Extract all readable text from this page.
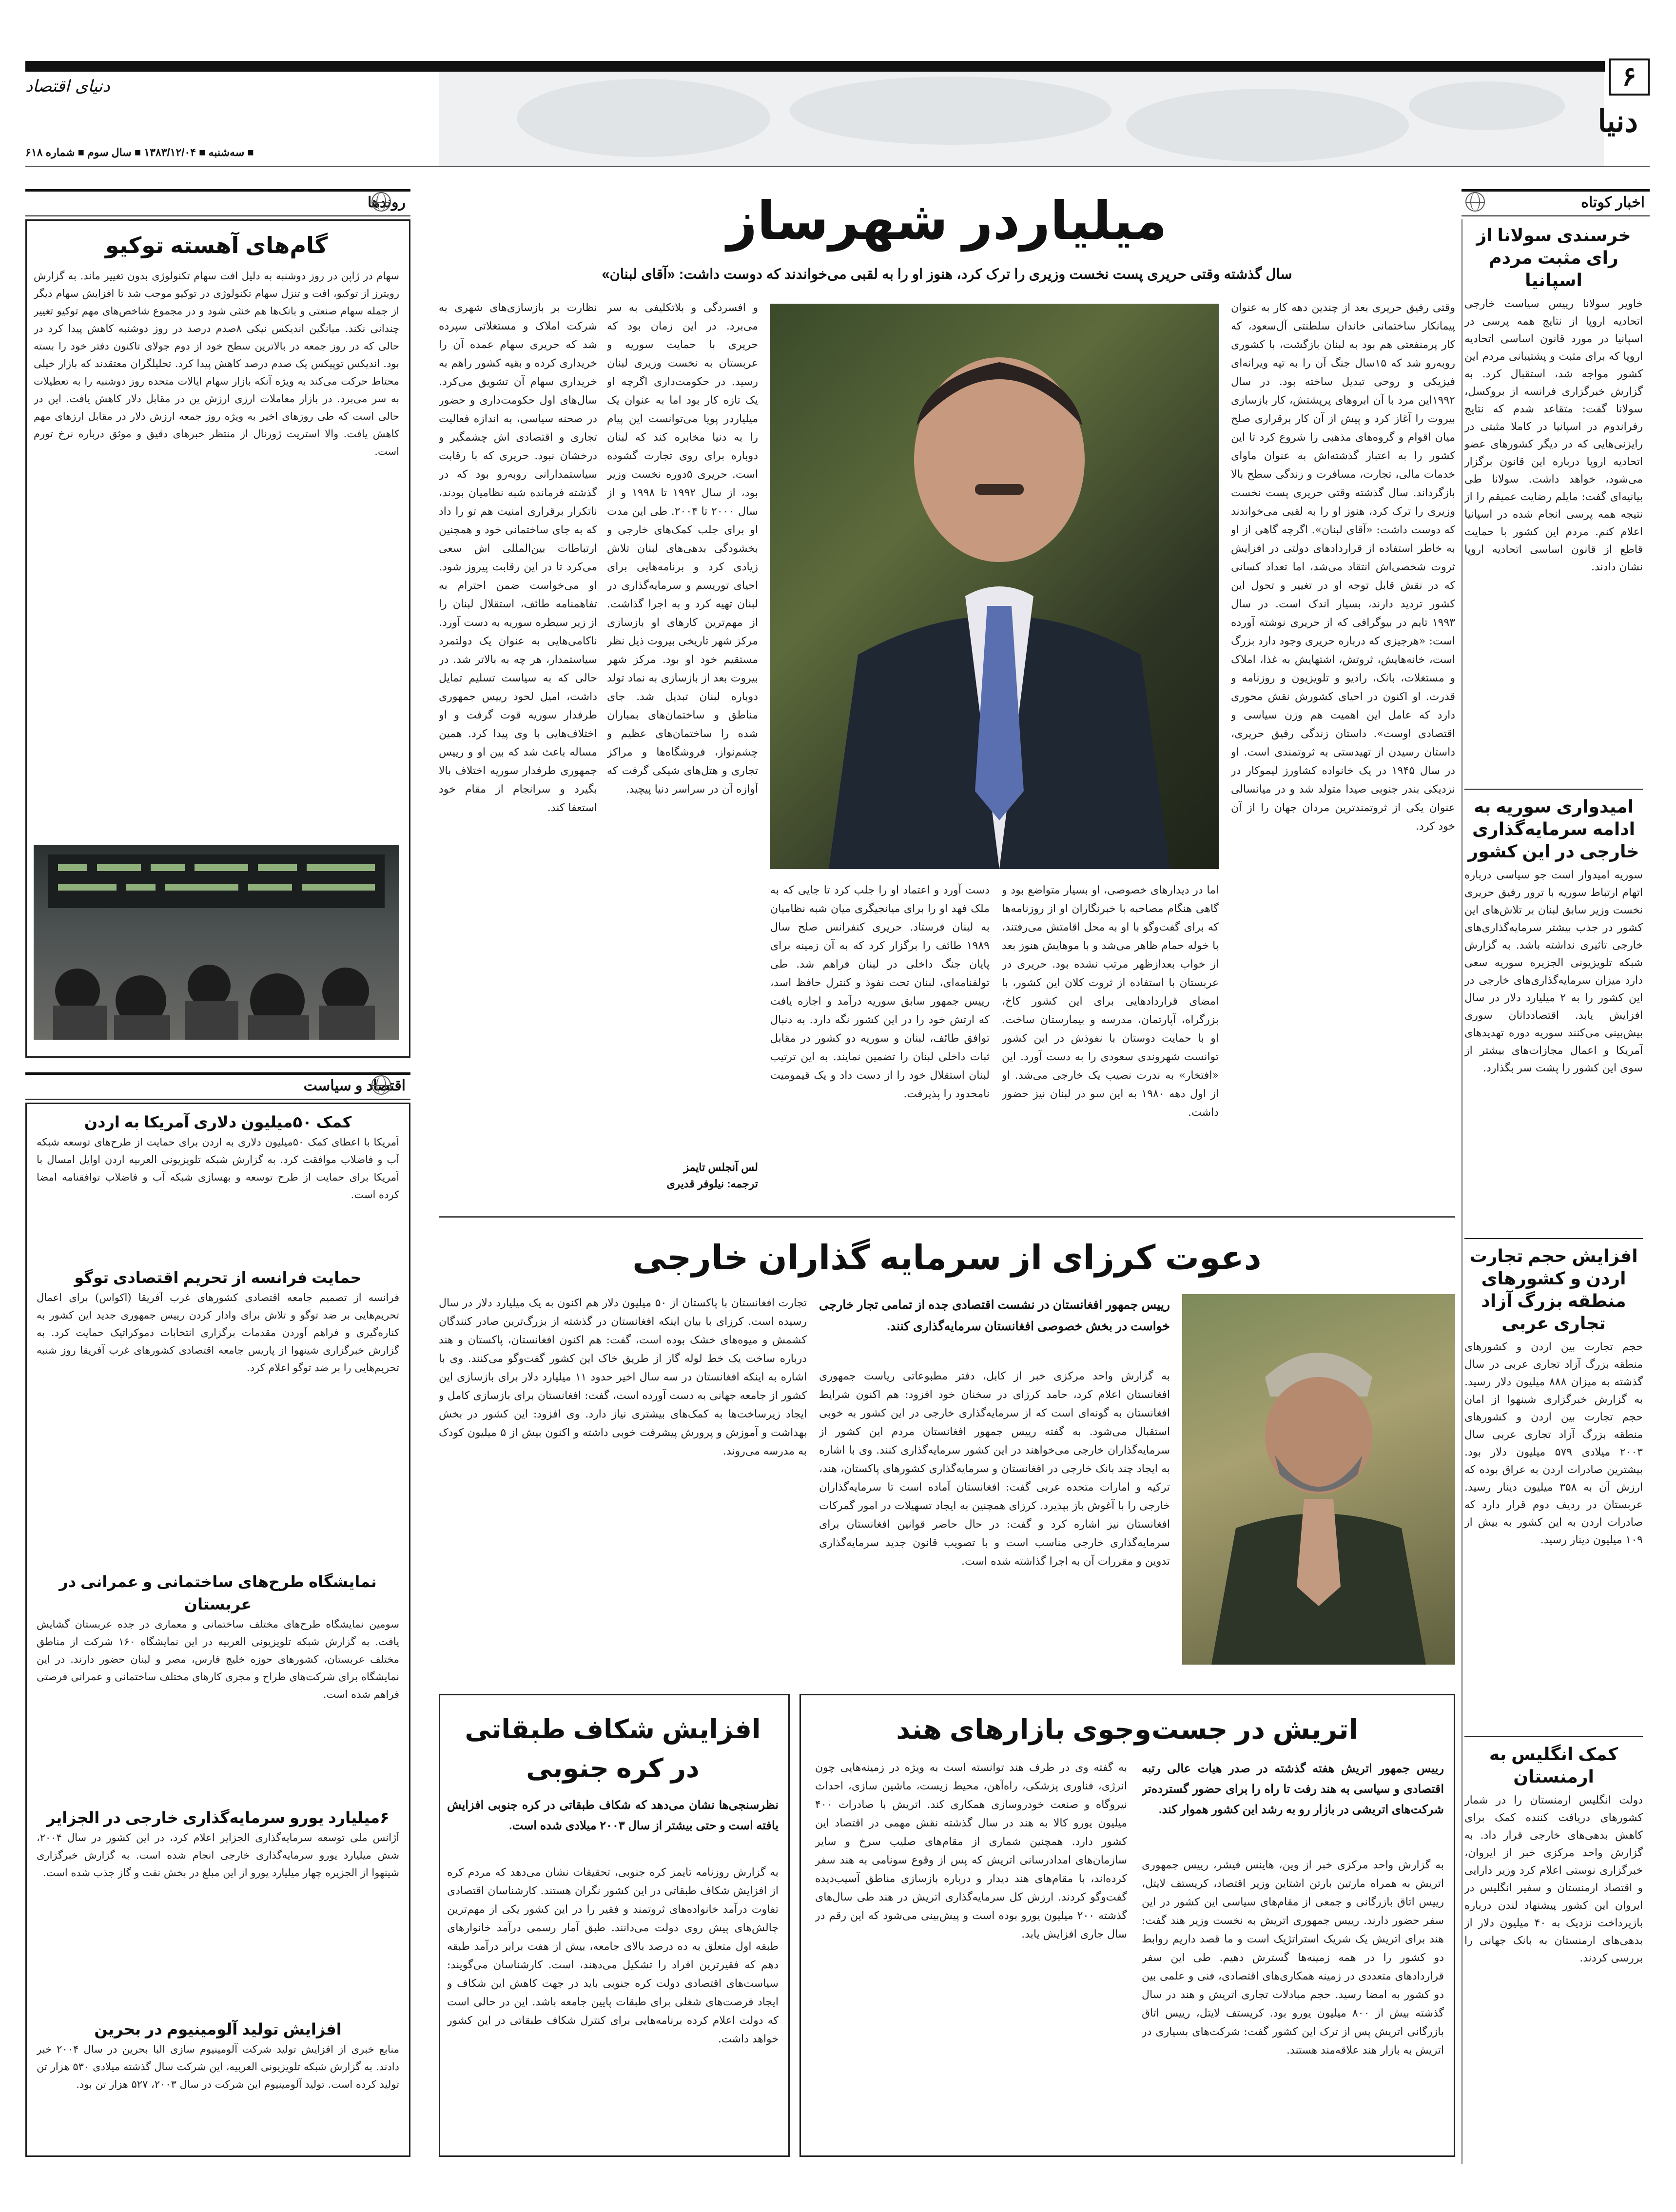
۶
دنیای اقتصاد
دنیا
■ سه‌شنبه ■ ۱۳۸۳/۱۲/۰۴ ■ سال سوم ■ شماره ۶۱۸
اخبار کوتاه
خرسندی سولانا از رای مثبت مردم اسپانیا

خاویر سولانا رییس سیاست خارجی اتحادیه اروپا از نتایج همه پرسی در اسپانیا در مورد قانون اساسی اتحادیه اروپا که برای مثبت و پشتیبانی مردم این کشور مواجه شد، استقبال کرد. به گزارش خبرگزاری فرانسه از بروکسل، سولانا گفت: متقاعد شدم که نتایج رفراندوم در اسپانیا در کاملا مثبتی در رایزنی‌هایی که در دیگر کشورهای عضو اتحادیه اروپا درباره این قانون برگزار می‌شود، خواهد داشت. سولانا طی بیانیه‌ای گفت: مایلم رضایت عمیقم را از نتیجه همه پرسی انجام شده در اسپانیا اعلام کنم. مردم این کشور با حمایت قاطع از قانون اساسی اتحادیه اروپا نشان دادند.

امیدواری سوریه به ادامه سرمایه‌گذاری خارجی در این کشور

سوریه امیدوار است جو سیاسی درباره اتهام ارتباط سوریه با ترور رفیق حریری نخست وزیر سابق لبنان بر تلاش‌های این کشور در جذب بیشتر سرمایه‌گذاری‌های خارجی تاثیری نداشته باشد. به گزارش شبکه تلویزیونی الجزیره سوریه سعی دارد میزان سرمایه‌گذاری‌های خارجی در این کشور را به ۲ میلیارد دلار در سال افزایش یابد. اقتصاددانان سوری بیش‌بینی می‌کنند سوریه دوره تهدیدهای آمریکا و اعمال مجازات‌های بیشتر از سوی این کشور را پشت سر بگذارد.

افزایش حجم تجارت اردن و کشورهای منطقه بزرگ آزاد تجاری عربی

حجم تجارت بین اردن و کشورهای منطقه بزرگ آزاد تجاری عربی در سال گذشته به میزان ۸۸۸ میلیون دلار رسید. به گزارش خبرگزاری شینهوا از امان حجم تجارت بین اردن و کشورهای منطقه بزرگ آزاد تجاری عربی سال ۲۰۰۳ میلادی ۵۷۹ میلیون دلار بود. بیشترین صادرات اردن به عراق بوده که ارزش آن به ۳۵۸ میلیون دینار رسید. عربستان در ردیف دوم قرار دارد که صادرات اردن به این کشور به بیش از ۱۰۹ میلیون دینار رسید.

کمک انگلیس به ارمنستان

دولت انگلیس ارمنستان را در شمار کشورهای دریافت کننده کمک برای کاهش بدهی‌های خارجی قرار داد. به گزارش واحد مرکزی خبر از ایروان، خبرگزاری نوستی اعلام کرد وزیر دارایی و اقتصاد ارمنستان و سفیر انگلیس در ایروان این کشور پیشنهاد لندن درباره بازپرداخت نزدیک به ۴۰ میلیون دلار از بدهی‌های ارمنستان به بانک جهانی را بررسی کردند.

میلیاردر شهرساز
سال گذشته وقتی حریری پست نخست وزیری را ترک کرد، هنوز او را به لقبی می‌خواندند که دوست داشت: «آقای لبنان»

وقتی رفیق حریری بعد از چندین دهه کار به عنوان پیمانکار ساختمانی خاندان سلطنتی آل‌سعود، که کار پرمنفعتی هم بود به لبنان بازگشت، با کشوری روبه‌رو شد که ۱۵سال جنگ آن را به تپه ویرانه‌ای فیزیکی و روحی تبدیل ساخته بود. در سال ۱۹۹۲این مرد با آن ابروهای پرپشتش، کار بازسازی بیروت را آغاز کرد و پیش از آن کار برقراری صلح میان اقوام و گروه‌های مذهبی را شروع کرد تا این کشور را به اعتبار گذشته‌اش به عنوان ماوای خدمات مالی، تجارت، مسافرت و زندگی سطح بالا بازگرداند. سال گذشته وقتی حریری پست نخست وزیری را ترک کرد، هنوز او را به لقبی می‌خواندند که دوست داشت: «آقای لبنان». اگرچه گاهی از او به خاطر استفاده از قراردادهای دولتی در افزایش ثروت شخصی‌اش انتقاد می‌شد، اما تعداد کسانی که در نقش قابل توجه او در تغییر و تحول این کشور تردید دارند، بسیار اندک است. در سال ۱۹۹۳ تایم در بیوگرافی که از حریری نوشته آورده است: «هرجیزی که درباره حریری وجود دارد بزرگ است، خانه‌هایش، ثروتش، اشتهایش به غذا، املاک و مستغلات، بانک، رادیو و تلویزیون و روزنامه و قدرت. او اکنون در احیای کشورش نقش محوری دارد که عامل این اهمیت هم وزن سیاسی و اقتصادی اوست». داستان زندگی رفیق حریری، داستان رسیدن از تهیدستی به ثروتمندی است. او در سال ۱۹۴۵ در یک خانواده کشاورز لیموکار در نزدیکی بندر جنوبی صیدا متولد شد و در میانسالی عنوان یکی از ثروتمندترین مردان جهان را از آن خود کرد.

اما در دیدارهای خصوصی، او بسیار متواضع بود و گاهی هنگام مصاحبه با خبرنگاران او از روزنامه‌ها که برای گفت‌وگو با او به محل اقامتش می‌رفتند، با خوله حمام ظاهر می‌شد و با موهایش هنوز بعد از خواب بعدازظهر مرتب نشده بود. حریری در عربستان با استفاده از ثروت کلان این کشور، با امضای قراردادهایی برای این کشور کاخ، بزرگراه، آپارتمان، مدرسه و بیمارستان ساخت. او با حمایت دوستان با نفوذش در این کشور توانست شهروندی سعودی را به دست آورد. این «افتخار» به ندرت نصیب یک خارجی می‌شد. او از اول دهه ۱۹۸۰ به این سو در لبنان نیز حضور داشت.

دست آورد و اعتماد او را جلب کرد تا جایی که به ملک فهد او را برای میانجیگری میان شبه نظامیان به لبنان فرستاد. حریری کنفرانس صلح سال ۱۹۸۹ طائف را برگزار کرد که به آن زمینه برای پایان جنگ داخلی در لبنان فراهم شد. طی تولفنامه‌ای، لبنان تحت نفوذ و کنترل حافظ اسد، رییس جمهور سابق سوریه درآمد و اجازه یافت که ارتش خود را در این کشور نگه دارد. به دنبال توافق طائف، لبنان و سوریه دو کشور در مقابل ثبات داخلی لبنان را تضمین نمایند. به این ترتیب لبنان استقلال خود را از دست داد و یک قیمومیت نامحدود را پذیرفت.

و افسردگی و بلاتکلیفی به سر می‌برد. در این زمان بود که حریری با حمایت سوریه و عربستان به نخست وزیری لبنان رسید. در حکومت‌داری اگرچه او یک تازه کار بود اما به عنوان یک میلیاردر پویا می‌توانست این پیام را به دنیا مخابره کند که لبنان دوباره برای روی تجارت گشوده است. حریری ۵دوره نخست وزیر بود، از سال ۱۹۹۲ تا ۱۹۹۸ و از سال ۲۰۰۰ تا ۲۰۰۴. طی این مدت او برای جلب کمک‌های خارجی و بخشودگی بدهی‌های لبنان تلاش زیادی کرد و برنامه‌هایی برای احیای توریسم و سرمایه‌گذاری در لبنان تهیه کرد و به اجرا گذاشت. از مهم‌ترین کارهای او بازسازی مرکز شهر تاریخی بیروت ذیل نظر مستقیم خود او بود. مرکز شهر بیروت بعد از بازسازی به نماد تولد دوباره لبنان تبدیل شد. جای مناطق و ساختمان‌های بمباران شده را ساختمان‌های عظیم و چشم‌نواز، فروشگاه‌ها و مراکز تجاری و هتل‌های شیکی گرفت که آوازه آن در سراسر دنیا پیچید.

نظارت بر بازسازی‌های شهری به شرکت املاک و مستغلاتی سپرده شد که حریری سهام عمده آن را خریداری کرده و بقیه کشور راهم به خریداری سهام آن تشویق می‌کرد. سال‌های اول حکومت‌داری و حضور در صحنه سیاسی، به اندازه فعالیت تجاری و اقتصادی اش چشمگیر و درخشان نبود. حریری که با رقابت سیاستمدارانی روبه‌رو بود که در گذشته فرمانده شبه نظامیان بودند، ناتکرار برقراری امنیت هم تو را داد که به جای ساختمانی خود و همچنین ارتباطات بین‌المللی اش سعی می‌کرد تا در این رقابت پیروز شود. او می‌خواست ضمن احترام به تفاهمنامه طائف، استقلال لبنان را از زیر سیطره سوریه به دست آورد. ناکامی‌هایی به عنوان یک دولتمرد سیاستمدار، هر چه به بالاتر شد. در حالی که به سیاست تسلیم تمایل داشت، امیل لحود رییس جمهوری طرفدار سوریه قوت گرفت و او اختلاف‌هایی با وی پیدا کرد. همین مساله باعث شد که بین او و رییس جمهوری طرفدار سوریه اختلاف بالا بگیرد و سرانجام از مقام خود استعفا کند.

لس آنجلس تایمز
ترجمه: نیلوفر قدیری
دعوت کرزای از سرمایه گذاران خارجی
رییس جمهور افغانستان در نشست اقتصادی جده از تمامی تجار خارجی خواست در بخش خصوصی افغانستان سرمایه‌گذاری کنند.

به گزارش واحد مرکزی خبر از کابل، دفتر مطبوعاتی ریاست جمهوری افغانستان اعلام کرد، حامد کرزای در سخنان خود افزود: هم اکنون شرایط افغانستان به گونه‌ای است که از سرمایه‌گذاری خارجی در این کشور به خوبی استقبال می‌شود. به گفته رییس جمهور افغانستان مردم این کشور از سرمایه‌گذاران خارجی می‌خواهند در این کشور سرمایه‌گذاری کنند. وی با اشاره به ایجاد چند بانک خارجی در افغانستان و سرمایه‌گذاری کشورهای پاکستان، هند، ترکیه و امارات متحده عربی گفت: افغانستان آماده است تا سرمایه‌گذاران خارجی را با آغوش باز بپذیرد. کرزای همچنین به ایجاد تسهیلات در امور گمرکات افغانستان نیز اشاره کرد و گفت: در حال حاضر قوانین افغانستان برای سرمایه‌گذاری خارجی مناسب است و با تصویب قانون جدید سرمایه‌گذاری تدوین و مقررات آن به اجرا گذاشته شده است.

تجارت افغانستان با پاکستان از ۵۰ میلیون دلار هم اکنون به یک میلیارد دلار در سال رسیده است. کرزای با بیان اینکه افغانستان در گذشته از بزرگ‌ترین صادر کنندگان کشمش و میوه‌های خشک بوده است، گفت: هم اکنون افغانستان، پاکستان و هند درباره ساخت یک خط لوله گاز از طریق خاک این کشور گفت‌وگو می‌کنند. وی با اشاره به اینکه افغانستان در سه سال اخیر حدود ۱۱ میلیارد دلار برای بازسازی این کشور از جامعه جهانی به دست آورده است، گفت: افغانستان برای بازسازی کامل و ایجاد زیرساخت‌ها به کمک‌های بیشتری نیاز دارد. وی افزود: این کشور در بخش بهداشت و آموزش و پرورش پیشرفت خوبی داشته و اکنون بیش از ۵ میلیون کودک به مدرسه می‌روند.

اتریش در جست‌وجوی بازارهای هند
رییس جمهور اتریش هفته گذشته در صدر هیات عالی رتبه اقتصادی و سیاسی به هند رفت تا راه را برای حضور گسترده‌تر شرکت‌های اتریشی در بازار رو به رشد این کشور هموار کند.

به گزارش واحد مرکزی خبر از وین، هاینس فیشر، رییس جمهوری اتریش به همراه مارتین بارتن اشتاین وزیر اقتصاد، کریستف لایتل، رییس اتاق بازرگانی و جمعی از مقام‌های سیاسی این کشور در این سفر حضور دارند. رییس جمهوری اتریش به نخست وزیر هند گفت: هند برای اتریش یک شریک استراتژیک است و ما قصد داریم روابط دو کشور را در همه زمینه‌ها گسترش دهیم. طی این سفر قراردادهای متعددی در زمینه همکاری‌های اقتصادی، فنی و علمی بین دو کشور به امضا رسید. حجم مبادلات تجاری اتریش و هند در سال گذشته بیش از ۸۰۰ میلیون یورو بود. کریستف لایتل، رییس اتاق بازرگانی اتریش پس از ترک این کشور گفت: شرکت‌های بسیاری در اتریش به بازار هند علاقه‌مند هستند.

به گفته وی در طرف هند توانسته است به ویژه در زمینه‌هایی چون انرژی، فناوری پزشکی، راه‌آهن، محیط زیست، ماشین سازی، احداث نیروگاه و صنعت خودروسازی همکاری کند. اتریش با صادرات ۴۰۰ میلیون یورو کالا به هند در سال گذشته نقش مهمی در اقتصاد این کشور دارد. همچنین شماری از مقام‌های صلیب سرخ و سایر سازمان‌های امدادرسانی اتریش که پس از وقوع سونامی به هند سفر کرده‌اند، با مقام‌های هند دیدار و درباره بازسازی مناطق آسیب‌دیده گفت‌وگو کردند. ارزش کل سرمایه‌گذاری اتریش در هند طی سال‌های گذشته ۲۰۰ میلیون یورو بوده است و پیش‌بینی می‌شود که این رقم در سال جاری افزایش یابد.

افزایش شکاف طبقاتی در کره جنوبی
نظرسنجی‌ها نشان می‌دهد که شکاف طبقاتی در کره جنوبی افزایش یافته است و حتی بیشتر از سال ۲۰۰۳ میلادی شده است.

به گزارش روزنامه تایمز کره جنوبی، تحقیقات نشان می‌دهد که مردم کره از افزایش شکاف طبقاتی در این کشور نگران هستند. کارشناسان اقتصادی تفاوت درآمد خانواده‌های ثروتمند و فقیر را در این کشور یکی از مهم‌ترین چالش‌های پیش روی دولت می‌دانند. طبق آمار رسمی درآمد خانوارهای طبقه اول متعلق به ده درصد بالای جامعه، بیش از هفت برابر درآمد طبقه دهم که فقیرترین افراد را تشکیل می‌دهند، است. کارشناسان می‌گویند: سیاست‌های اقتصادی دولت کره جنوبی باید در جهت کاهش این شکاف و ایجاد فرصت‌های شغلی برای طبقات پایین جامعه باشد. این در حالی است که دولت اعلام کرده برنامه‌هایی برای کنترل شکاف طبقاتی در این کشور خواهد داشت.

روندها
گام‌های آهسته توکیو

سهام در ژاپن در روز دوشنبه به دلیل افت سهام تکنولوژی بدون تغییر ماند. به گزارش رویترز از توکیو، افت و تنزل سهام تکنولوژی در توکیو موجب شد تا افزایش سهام دیگر از جمله سهام صنعتی و بانک‌ها هم خنثی شود و در مجموع شاخص‌های مهم توکیو تغییر چندانی نکند. میانگین اندیکس نیکی ۸صدم درصد در روز دوشنبه کاهش پیدا کرد در حالی که در روز جمعه در بالاترین سطح خود از دوم جولای تاکنون دفتر خود را بسته بود. اندیکس توپیکس یک صدم درصد کاهش پیدا کرد. تحلیلگران معتقدند که بازار خیلی محتاط حرکت می‌کند به ویژه آنکه بازار سهام ایالات متحده روز دوشنبه را به تعطیلات به سر می‌برد. در بازار معاملات ارزی ارزش ین در مقابل دلار کاهش یافت. این در حالی است که طی روزهای اخیر به ویژه روز جمعه ارزش دلار در مقابل ارزهای مهم کاهش یافت. والا استریت ژورنال از منتظر خبرهای دقیق و موثق درباره نرخ تورم است.

اقتصاد و سیاست
کمک ۵۰میلیون دلاری آمریکا به اردن

آمریکا با اعطای کمک ۵۰میلیون دلاری به اردن برای حمایت از طرح‌های توسعه شبکه آب و فاضلاب موافقت کرد. به گزارش شبکه تلویزیونی العربیه اردن اوایل امسال با آمریکا برای حمایت از طرح توسعه و بهسازی شبکه آب و فاضلاب توافقنامه امضا کرده است.

حمایت فرانسه از تحریم اقتصادی توگو

فرانسه از تصمیم جامعه اقتصادی کشورهای غرب آفریقا (اکواس) برای اعمال تحریم‌هایی بر ضد توگو و تلاش برای وادار کردن رییس جمهوری جدید این کشور به کناره‌گیری و فراهم آوردن مقدمات برگزاری انتخابات دموکراتیک حمایت کرد. به گزارش خبرگزاری شینهوا از پاریس جامعه اقتصادی کشورهای غرب آفریقا روز شنبه تحریم‌هایی را بر ضد توگو اعلام کرد.

نمایشگاه طرح‌های ساختمانی و عمرانی در عربستان

سومین نمایشگاه طرح‌های مختلف ساختمانی و معماری در جده عربستان گشایش یافت. به گزارش شبکه تلویزیونی العربیه در این نمایشگاه ۱۶۰ شرکت از مناطق مختلف عربستان، کشورهای حوزه خلیج فارس، مصر و لبنان حضور دارند. در این نمایشگاه برای شرکت‌های طراح و مجری کارهای مختلف ساختمانی و عمرانی فرصتی فراهم شده است.

۶میلیارد یورو سرمایه‌گذاری خارجی در الجزایر

آژانس ملی توسعه سرمایه‌گذاری الجزایر اعلام کرد، در این کشور در سال ۲۰۰۴، شش میلیارد یورو سرمایه‌گذاری خارجی انجام شده است. به گزارش خبرگزاری شینهوا از الجزیره چهار میلیارد یورو از این مبلغ در بخش نفت و گاز جذب شده است.

افزایش تولید آلومینیوم در بحرین

منابع خبری از افزایش تولید شرکت آلومینیوم سازی البا بحرین در سال ۲۰۰۴ خبر دادند. به گزارش شبکه تلویزیونی العربیه، این شرکت سال گذشته میلادی ۵۳۰ هزار تن تولید کرده است. تولید آلومینیوم این شرکت در سال ۲۰۰۳، ۵۲۷ هزار تن بود.
